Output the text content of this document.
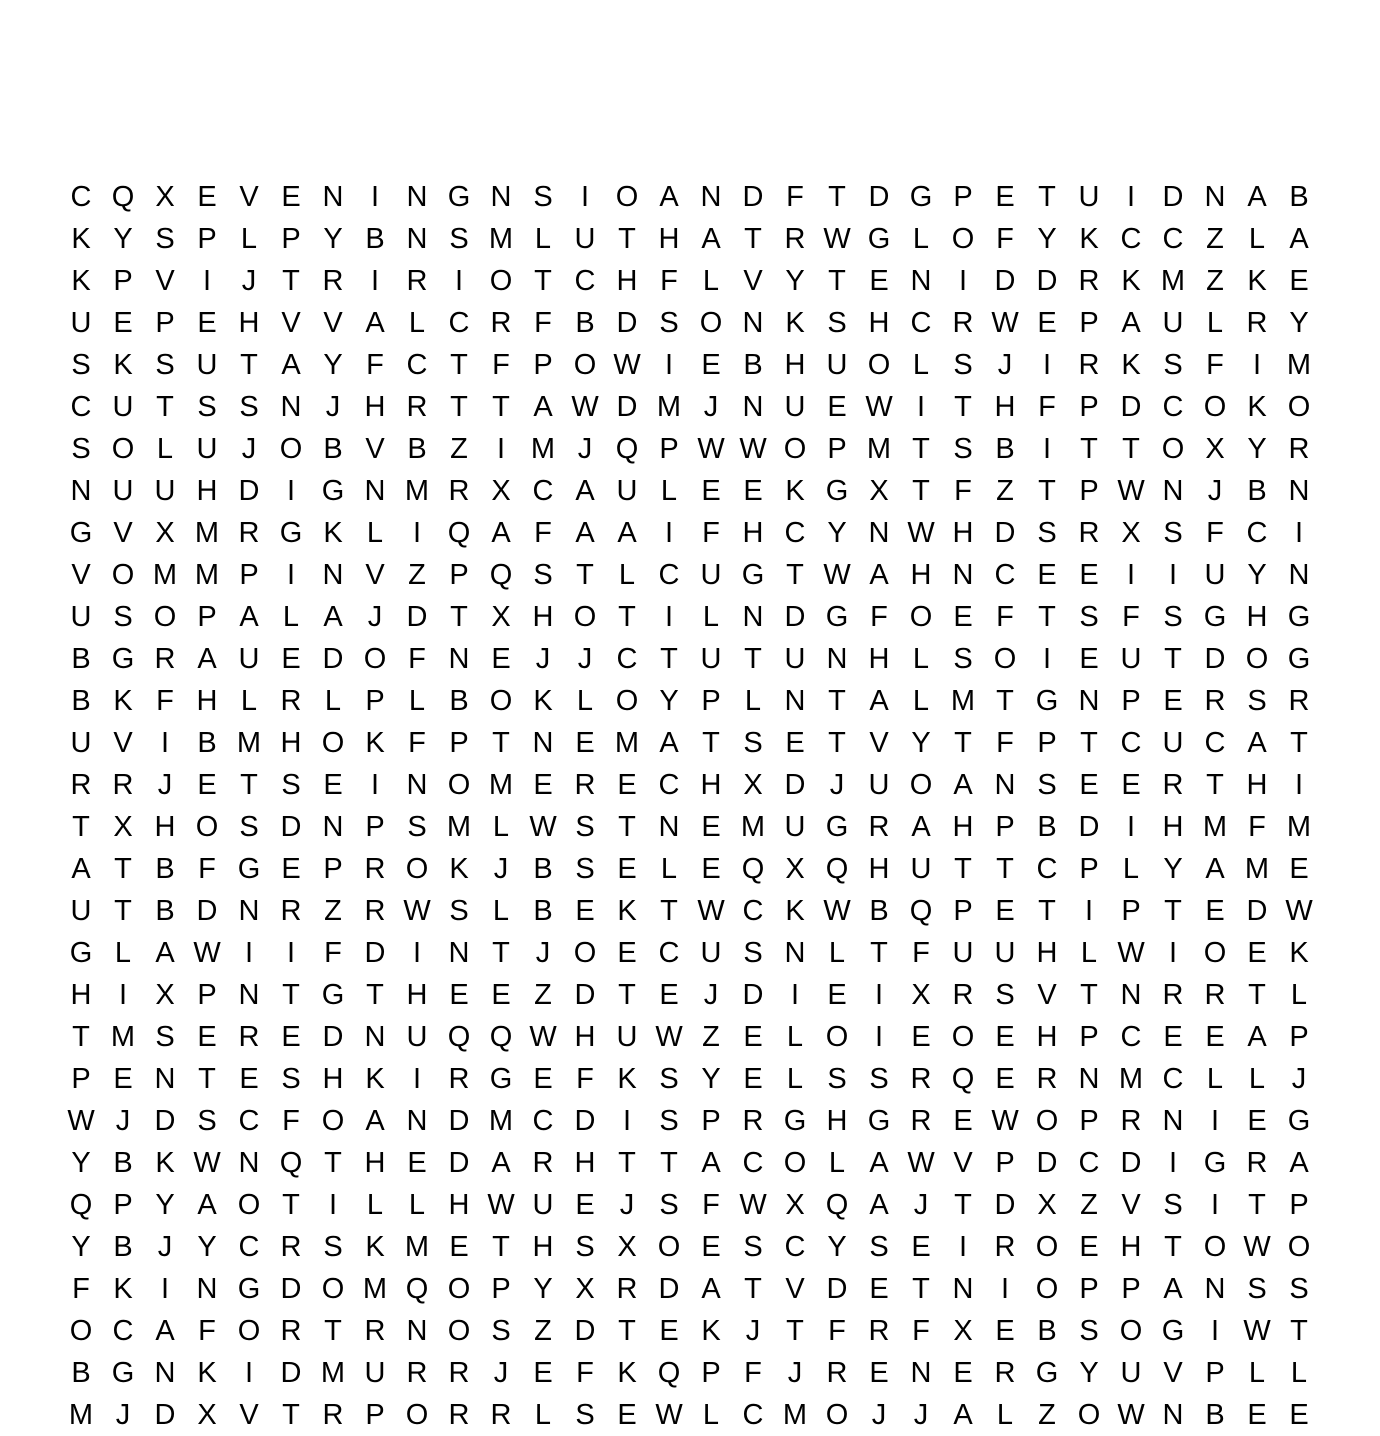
C Q X E V E N I N G N S I O A N D F T D G P E T U I D N A B
K Y S P L P Y B N S M L U T H A T R W G L O F Y K C C Z L A
K P V I	J T R I R I O T C H F L V Y T E N I D D R K M Z K E
U E P E H V V A L C R F B D S O N K S H C R W E P A U L R Y
S K S U T A Y F C T F P O W I E B H U O L S J	I R K S F	I M
C U T S S N J H R T T A W D M J N U E W I	T H F P D C O K O
S O L U J O B V B Z	I M J Q P W W O P M T S B I	T T O X Y R
N U U H D I G N M R X C A U L E E K G X T F Z T P W N J B N
G V X M R G K L	I Q A F A A I	F H C Y N W H D S R X S F C I
V O M M P I N V Z P Q S T L C U G T W A H N C E E I	I U Y N
U S O P A L A J D T X H O T	I	L N D G F O E F T S F S G H G
B G R A U E D O F N E J J C T U T U N H L S O I E U T D O G
B K F H L R L P L B O K L O Y P L N T A L M T G N P E R S R
U V I B M H O K F P T N E M A T S E T V Y T F P T C U C A T
R R J E T S E I N O M E R E C H X D J U O A N S E E R T H I
T X H O S D N P S M L W S T N E M U G R A H P B D I H M F M
A T B F G E P R O K J B S E L E Q X Q H U T T C P L Y A M E
U T B D N R Z R W S L B E K T W C K W B Q P E T	I P T E D W
G L A W I	I	F D I N T J O E C U S N L T F U U H L W I O E K
H I X P N T G T H E E Z D T E J D I E I X R S V T N R R T L
T M S E R E D N U Q Q W H U W Z E L O I E O E H P C E E A P
P E N T E S H K I R G E F K S Y E L S S R Q E R N M C L L J
W J D S C F O A N D M C D I S P R G H G R E W O P R N I E G
Y B K W N Q T H E D A R H T T A C O L A W V P D C D I G R A
Q P Y A O T	I	L L H W U E J S F W X Q A J T D X Z V S I	T P
Y B J Y C R S K M E T H S X O E S C Y S E I R O E H T O W O
F K I N G D O M Q O P Y X R D A T V D E T N I O P P A N S S
O C A F O R T R N O S Z D T E K J T F R F X E B S O G I W T
B G N K I D M U R R J E F K Q P F J R E N E R G Y U V P L L
M J D X V T R P O R R L S E W L C M O J J A L Z O W N B E E
